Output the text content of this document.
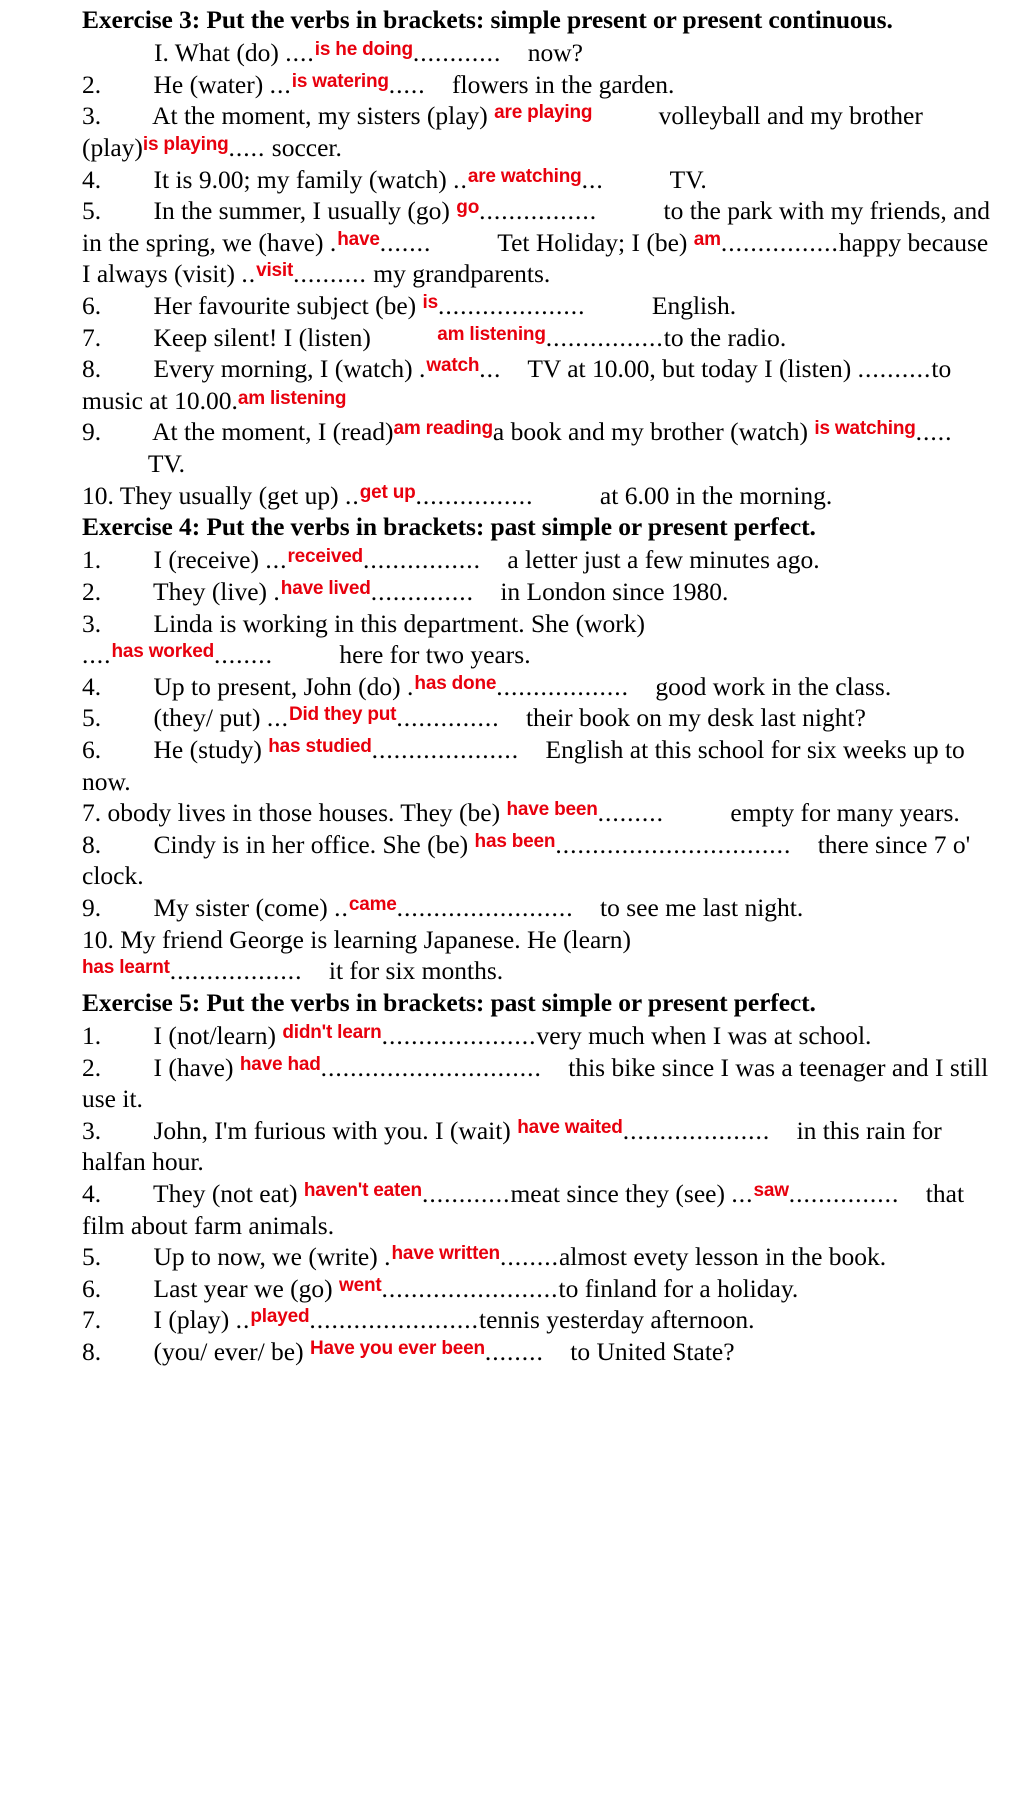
Exercise 3: Put the verbs in brackets: simple present or present continuous.

I. What (do) ....$^{is he doing}$............ now?

2. He (water) ...$^{is watering}$..... flowers in the garden.

3. At the moment, my sisters (play) $^{are playing}$	volleyball and my brother (play)$^{is playing}$..... soccer.

4. It is 9.00; my family (watch) ..$^{are watching}$...	TV.

5. In the summer, I usually (go) $^{go}$................	to the park with my friends, and in the spring, we (have) .$^{have}$.......	Tet Holiday; I (be) $^{am}$................happy because I always (visit) ..$^{visit}$.......... my grandparents.

6. Her favourite subject (be) $^{is}$....................	English.

7. Keep silent! I (listen)	$^{am listening}$................to the radio.

8. Every morning, I (watch) .$^{watch}$... TV at 10.00, but today I (listen) ..........to music at 10.00.am listening

9. At the moment, I (read)$^{am reading}$a book and my brother (watch) $^{is watching}$..... TV.

10. They usually (get up) ..$^{get up}$................	at 6.00 in the morning.

Exercise 4: Put the verbs in brackets: past simple or present perfect.

1. I (receive) ...$^{received}$................ a letter just a few minutes ago.

2. They (live) .$^{have lived}$.............. in London since 1980.

3. Linda is working in this department. She (work)
....$^{has worked}$........	here for two years.

4. Up to present, John (do) .$^{has done}$.................. good work in the class.

5. (they/ put) ...$^{Did they put}$.............. their book on my desk last night?

6. He (study) $^{has studied}$.................... English at this school for six weeks up to now.

7. obody lives in those houses. They (be) $^{have been}$.........	empty for many years.

8. Cindy is in her office. She (be) $^{has been}$................................ there since 7 o' clock.

9. My sister (come) ..$^{came}$........................ to see me last night.

10. My friend George is learning Japanese. He (learn)
$^{has learnt}$.................. it for six months.

Exercise 5: Put the verbs in brackets: past simple or present perfect.

1. I (not/learn) $^{didn't learn}$.....................very much when I was at school.

2. I (have) $^{have had}$.............................. this bike since I was a teenager and I still use it.

3. John, I'm furious with you. I (wait) $^{have waited}$.................... in this rain for halfan hour.

4. They (not eat) $^{haven't eaten}$............meat since they (see) ...$^{saw}$............... that film about farm animals.

5. Up to now, we (write) .$^{have written}$........almost evety lesson in the book.

6. Last year we (go) $^{went}$........................to finland for a holiday.

7. I (play) ..$^{played}$.......................tennis yesterday afternoon.

8. (you/ ever/ be) $^{Have you ever been}$........ to United State?
